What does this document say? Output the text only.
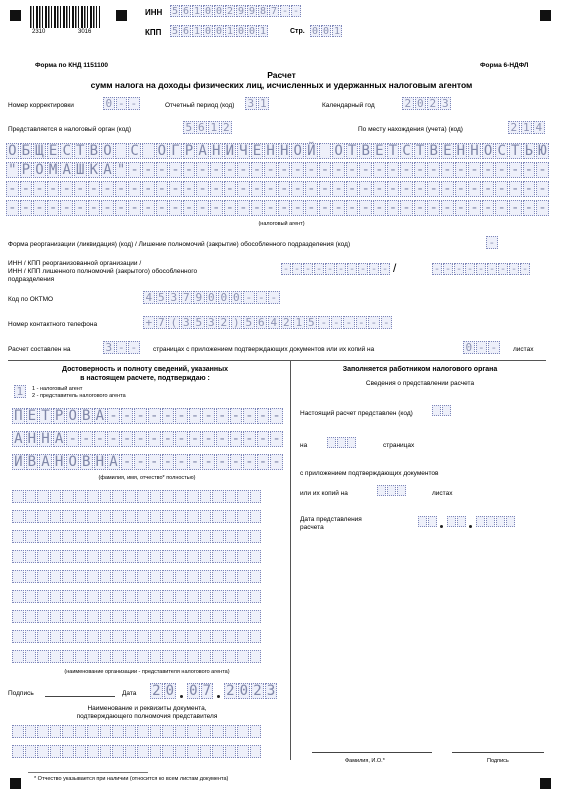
2310	3016
ИНН 5 6 1 0 0 2 9 9 8 7 - -
КПП 5 6 1 0 0 1 0 0 1	Стр. 0 0 1
Форма по КНД 1151100	Форма 6-НДФЛ
Расчет
сумм налога на доходы физических лиц, исчисленных и удержанных налоговым агентом
Номер корректировки	0 - -	Отчетный период (код) 3 1	Календарный год	2 0 2 3
Представляется в налоговый орган (код)	5 6 1 2	По месту нахождения (учета) (код)	2 1 4
О Б Щ Е С Т В О С О Г Р А Н И Ч Е Н Н О Й О Т В Е Т С Т В Е Н Н О С Т Ь Ю
" Р О М А Ш К А " - - - - - - - - - - - - - - - - - - - - - - - - - - - - - - -
- - - - - - - - - - - - - - - - - - - - - - - - - - - - - - - - - - - - - - - -
- - - - - - - - - - - - - - - - - - - - - - - - - - - - - - - - - - - - - - - -
(налоговый агент)
Форма реорганизации (ликвидация) (код) / Лишение полномочий (закрытие) обособленного подразделения (код)	-
ИНН / КПП реорганизованной организации /
ИНН / КПП лишенного полномочий (закрытого) обособленного
подразделения
- - - - - - - - - - /	- - - - - - - - -
Код по ОКТМО	4 5 3 7 9 0 0 0 - - -
Номер контактного телефона	+ 7 ( 3 5 3 2 ) 5 6 4 2 1 5 - - - - - -
Расчет составлен на	3 - -	страницах с приложением подтверждающих документов или их копий на	0 - -	листах
Достоверность и полноту сведений, указанных
в настоящем расчете, подтверждаю :
1	1 - налоговый агент
2 - представитель налогового агента
П Е Т Р О В А - - - - - - - - - - - - -
А Н Н А - - - - - - - - - - - - - - - -
И В А Н О В Н А - - - - - - - - - - - -
(фамилия, имя, отчество* полностью)
(наименование организации - представителя налогового агента)
Подпись	Дата 2 0 0 7 2 0 2 3
Наименование и реквизиты документа,
подтверждающего полномочия представителя
Заполняется работником налогового органа
Сведения о представлении расчета
Настоящий расчет представлен (код)
на	страницах
с приложением подтверждающих документов
или их копий на	листах
Дата представления
расчета
Фамилия, И.О.*	Подпись
* Отчество указывается при наличии (относится ко всем листам документа)
